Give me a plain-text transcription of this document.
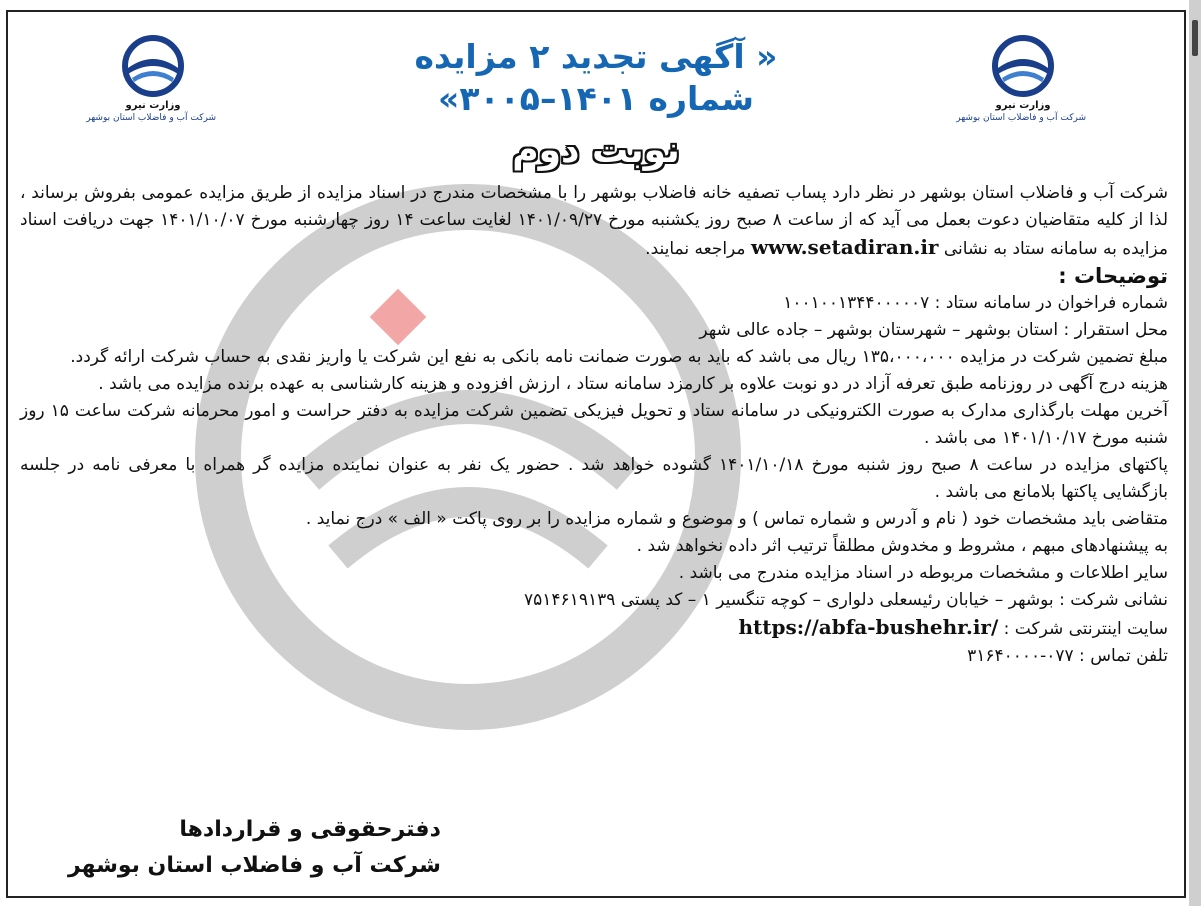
وزارت نیرو
شرکت آب و فاضلاب استان بوشهر
وزارت نیرو
شرکت آب و فاضلاب استان بوشهر
« آگهی تجدید ۲ مزایده
شماره ۱۴۰۱–۳۰۰۵»
نوبت دوم

شرکت آب و فاضلاب استان بوشهر در نظر دارد پساب تصفیه خانه فاضلاب بوشهر را با مشخصات مندرج در اسناد مزایده از طریق مزایده عمومی بفروش برساند ، لذا از کلیه متقاضیان دعوت بعمل می آید که از ساعت ۸ صبح روز یکشنبه مورخ ۱۴۰۱/۰۹/۲۷ لغایت ساعت ۱۴ روز چهارشنبه مورخ ۱۴۰۱/۱۰/۰۷ جهت دریافت اسناد مزایده به سامانه ستاد به نشانی www.setadiran.ir مراجعه نمایند.

توضیحات :

شماره فراخوان در سامانه ستاد : ۱۰۰۱۰۰۱۳۴۴۰۰۰۰۰۷

محل استقرار : استان بوشهر – شهرستان بوشهر – جاده عالی شهر

مبلغ تضمین شرکت در مزایده ۱۳۵،۰۰۰،۰۰۰ ریال می باشد که باید به صورت ضمانت نامه بانکی به نفع این شرکت یا واریز نقدی به حساب شرکت ارائه گردد.

هزینه درج آگهی در روزنامه طبق تعرفه آزاد در دو نوبت علاوه بر کارمزد سامانه ستاد ، ارزش افزوده و هزینه کارشناسی به عهده برنده مزایده می باشد .

آخرین مهلت بارگذاری مدارک به صورت الکترونیکی در سامانه ستاد و تحویل فیزیکی تضمین شرکت مزایده به دفتر حراست و امور محرمانه شرکت ساعت ۱۵ روز شنبه مورخ ۱۴۰۱/۱۰/۱۷ می باشد .

پاکتهای مزایده در ساعت ۸ صبح روز شنبه مورخ ۱۴۰۱/۱۰/۱۸ گشوده خواهد شد . حضور یک نفر به عنوان نماینده مزایده گر همراه با معرفی نامه در جلسه بازگشایی پاکتها بلامانع می باشد .

متقاضی باید مشخصات خود ( نام و آدرس و شماره تماس ) و موضوع و شماره مزایده را بر روی پاکت « الف » درج نماید .

به پیشنهادهای مبهم ، مشروط و مخدوش مطلقاً ترتیب اثر داده نخواهد شد .

سایر اطلاعات و مشخصات مربوطه در اسناد مزایده مندرج می باشد .

نشانی شرکت : بوشهر – خیابان رئیسعلی دلواری – کوچه تنگسیر ۱ – کد پستی ۷۵۱۴۶۱۹۱۳۹

سایت اینترنتی شرکت : https://abfa-bushehr.ir/

تلفن تماس : ۰۷۷-۳۱۶۴۰۰۰۰

دفترحقوقی و قراردادها
شرکت آب و فاضلاب استان بوشهر
